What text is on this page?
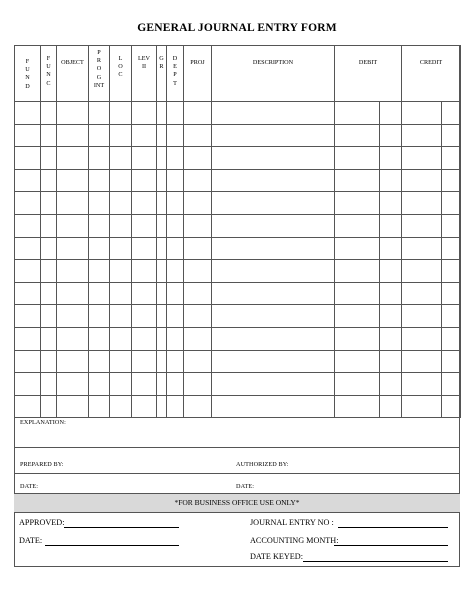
GENERAL JOURNAL ENTRY FORM
F
U
N
D	F
U
N
C	OBJECT	P
R
O
G
INT	L
O
C	LEV
II	G
R	D
E
P
T	PROJ	DESCRIPTION	DEBIT		CREDIT	

EXPLANATION:
PREPARED BY:	AUTHORIZED BY:
DATE:	DATE:
*FOR BUSINESS OFFICE USE ONLY*
APPROVED:
DATE:
JOURNAL ENTRY NO :
ACCOUNTING MONTH:
DATE KEYED:
